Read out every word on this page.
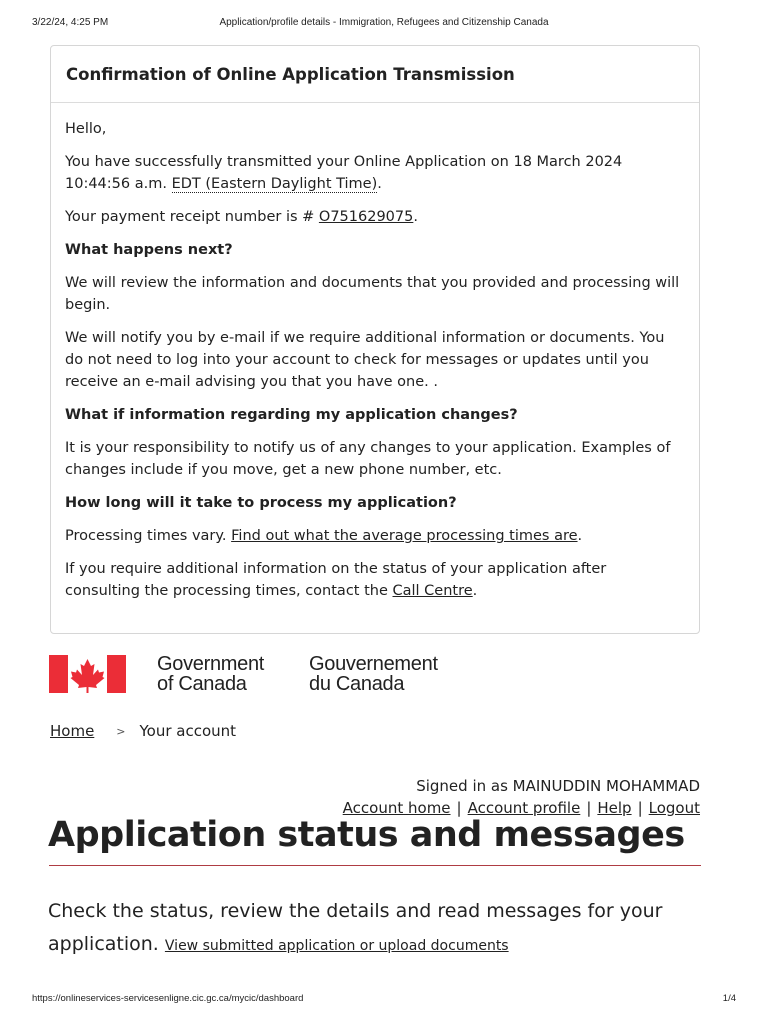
3/22/24, 4:25 PM	Application/profile details - Immigration, Refugees and Citizenship Canada
Confirmation of Online Application Transmission

Hello,

You have successfully transmitted your Online Application on 18 March 2024 10:44:56 a.m. EDT (Eastern Daylight Time).

Your payment receipt number is # O751629075.

What happens next?

We will review the information and documents that you provided and processing will begin.

We will notify you by e-mail if we require additional information or documents. You do not need to log into your account to check for messages or updates until you receive an e-mail advising you that you have one. .

What if information regarding my application changes?

It is your responsibility to notify us of any changes to your application. Examples of changes include if you move, get a new phone number, etc.

How long will it take to process my application?

Processing times vary. Find out what the average processing times are.

If you require additional information on the status of your application after consulting the processing times, contact the Call Centre.

Government
of Canada
Gouvernement
du Canada
Home > Your account
Signed in as MAINUDDIN MOHAMMAD
Account home | Account profile | Help | Logout
Application status and messages

Check the status, review the details and read messages for your application. View submitted application or upload documents

https://onlineservices-servicesenligne.cic.gc.ca/mycic/dashboard	1/4
